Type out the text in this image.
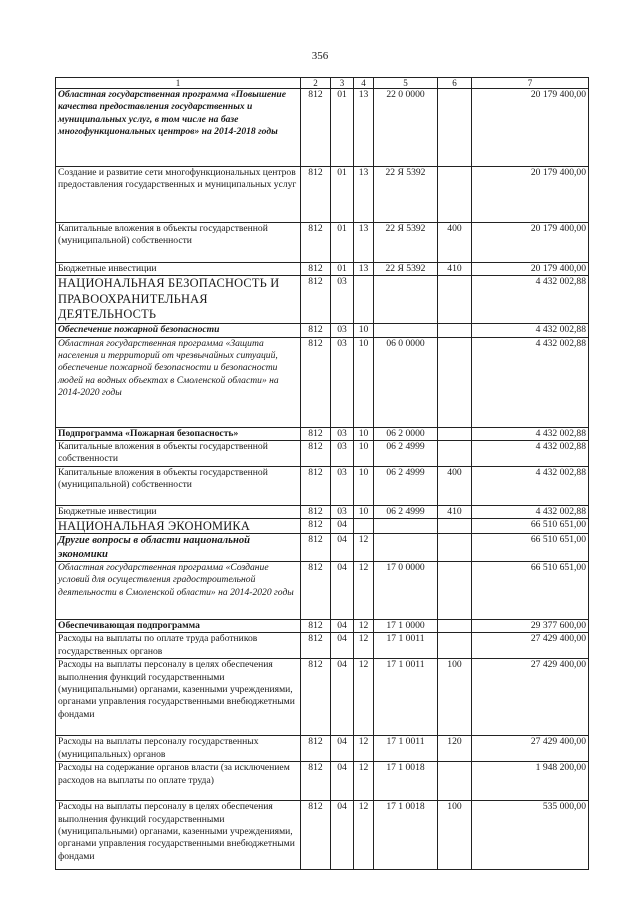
356
1	2	3	4	5	6	7
Областная государственная программа «Повышение качества предоставления государственных и муниципальных услуг, в том числе на базе многофункциональных центров» на 2014-2018 годы	812	01	13	22 0 0000		20 179 400,00
Создание и развитие сети многофункциональных центров предоставления государственных и муниципальных услуг	812	01	13	22 Я 5392		20 179 400,00
Капитальные вложения в объекты государственной (муниципальной) собственности	812	01	13	22 Я 5392	400	20 179 400,00
Бюджетные инвестиции	812	01	13	22 Я 5392	410	20 179 400,00
НАЦИОНАЛЬНАЯ БЕЗОПАСНОСТЬ И ПРАВООХРАНИТЕЛЬНАЯ ДЕЯТЕЛЬНОСТЬ	812	03				4 432 002,88
Обеспечение пожарной безопасности	812	03	10			4 432 002,88
Областная государственная программа «Защита населения и территорий от чрезвычайных ситуаций, обеспечение пожарной безопасности и безопасности людей на водных объектах в Смоленской области» на 2014-2020 годы	812	03	10	06 0 0000		4 432 002,88
Подпрограмма «Пожарная безопасность»	812	03	10	06 2 0000		4 432 002,88
Капитальные вложения в объекты государственной собственности	812	03	10	06 2 4999		4 432 002,88
Капитальные вложения в объекты государственной (муниципальной) собственности	812	03	10	06 2 4999	400	4 432 002,88
Бюджетные инвестиции	812	03	10	06 2 4999	410	4 432 002,88
НАЦИОНАЛЬНАЯ ЭКОНОМИКА	812	04				66 510 651,00
Другие вопросы в области национальной экономики	812	04	12			66 510 651,00
Областная государственная программа «Создание условий для осуществления градостроительной деятельности в Смоленской области» на 2014-2020 годы	812	04	12	17 0 0000		66 510 651,00
Обеспечивающая подпрограмма	812	04	12	17 1 0000		29 377 600,00
Расходы на выплаты по оплате труда работников государственных органов	812	04	12	17 1 0011		27 429 400,00
Расходы на выплаты персоналу в целях обеспечения выполнения функций государственными (муниципальными) органами, казенными учреждениями, органами управления государственными внебюджетными фондами	812	04	12	17 1 0011	100	27 429 400,00
Расходы на выплаты персоналу государственных (муниципальных) органов	812	04	12	17 1 0011	120	27 429 400,00
Расходы на содержание органов власти (за исключением расходов на выплаты по оплате труда)	812	04	12	17 1 0018		1 948 200,00
Расходы на выплаты персоналу в целях обеспечения выполнения функций государственными (муниципальными) органами, казенными учреждениями, органами управления государственными внебюджетными фондами	812	04	12	17 1 0018	100	535 000,00
